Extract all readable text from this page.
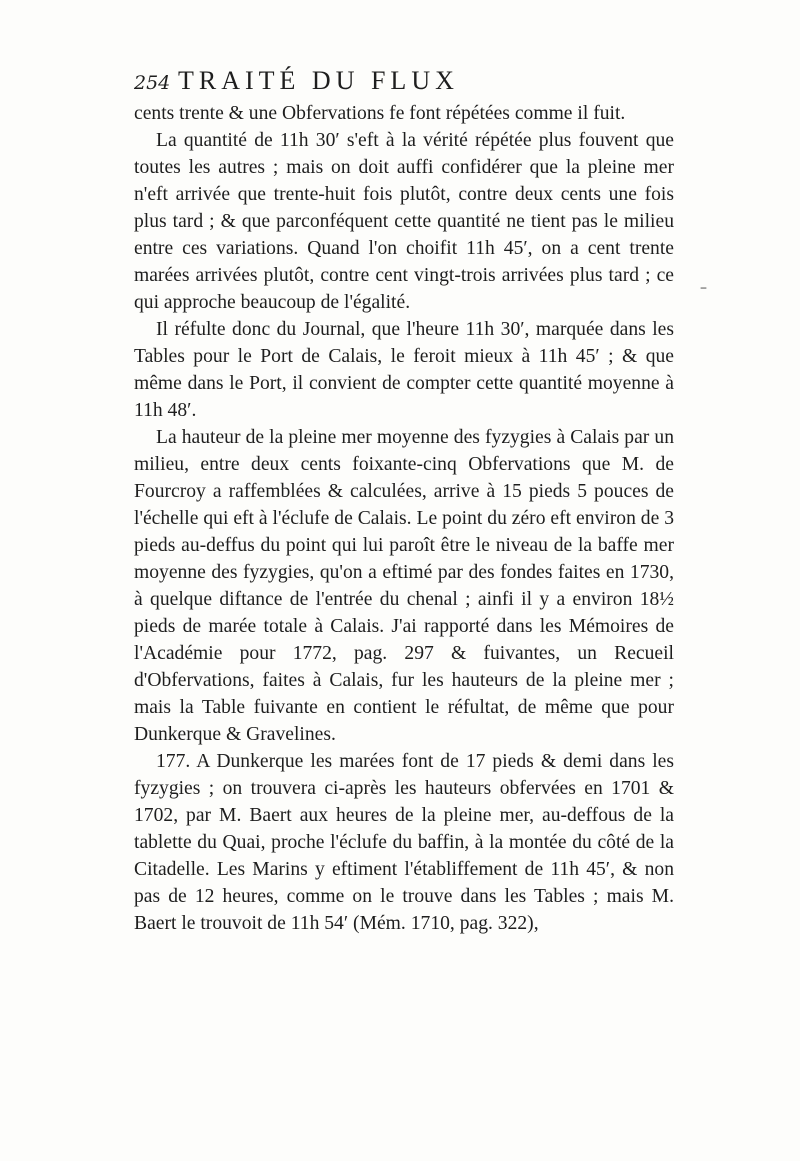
254 TRAITÉ DU FLUX

cents trente & une Obfervations fe font répétées comme il fuit.

La quantité de 11h 30′ s'eft à la vérité répétée plus fouvent que toutes les autres ; mais on doit auffi confidérer que la pleine mer n'eft arrivée que trente-huit fois plutôt, contre deux cents une fois plus tard ; & que parconféquent cette quantité ne tient pas le milieu entre ces variations. Quand l'on choifit 11h 45′, on a cent trente marées arrivées plutôt, contre cent vingt-trois arrivées plus tard ; ce qui approche beaucoup de l'égalité.

Il réfulte donc du Journal, que l'heure 11h 30′, marquée dans les Tables pour le Port de Calais, le feroit mieux à 11h 45′ ; & que même dans le Port, il convient de compter cette quantité moyenne à 11h 48′.

La hauteur de la pleine mer moyenne des fyzygies à Calais par un milieu, entre deux cents foixante-cinq Obfervations que M. de Fourcroy a raffemblées & calculées, arrive à 15 pieds 5 pouces de l'échelle qui eft à l'éclufe de Calais. Le point du zéro eft environ de 3 pieds au-deffus du point qui lui paroît être le niveau de la baffe mer moyenne des fyzygies, qu'on a eftimé par des fondes faites en 1730, à quelque diftance de l'entrée du chenal ; ainfi il y a environ 18½ pieds de marée totale à Calais. J'ai rapporté dans les Mémoires de l'Académie pour 1772, pag. 297 & fuivantes, un Recueil d'Obfervations, faites à Calais, fur les hauteurs de la pleine mer ; mais la Table fuivante en contient le réfultat, de même que pour Dunkerque & Gravelines.

177. A Dunkerque les marées font de 17 pieds & demi dans les fyzygies ; on trouvera ci-après les hauteurs obfervées en 1701 & 1702, par M. Baert aux heures de la pleine mer, au-deffous de la tablette du Quai, proche l'éclufe du baffin, à la montée du côté de la Citadelle. Les Marins y eftiment l'établiffement de 11h 45′, & non pas de 12 heures, comme on le trouve dans les Tables ; mais M. Baert le trouvoit de 11h 54′ (Mém. 1710, pag. 322),

–
